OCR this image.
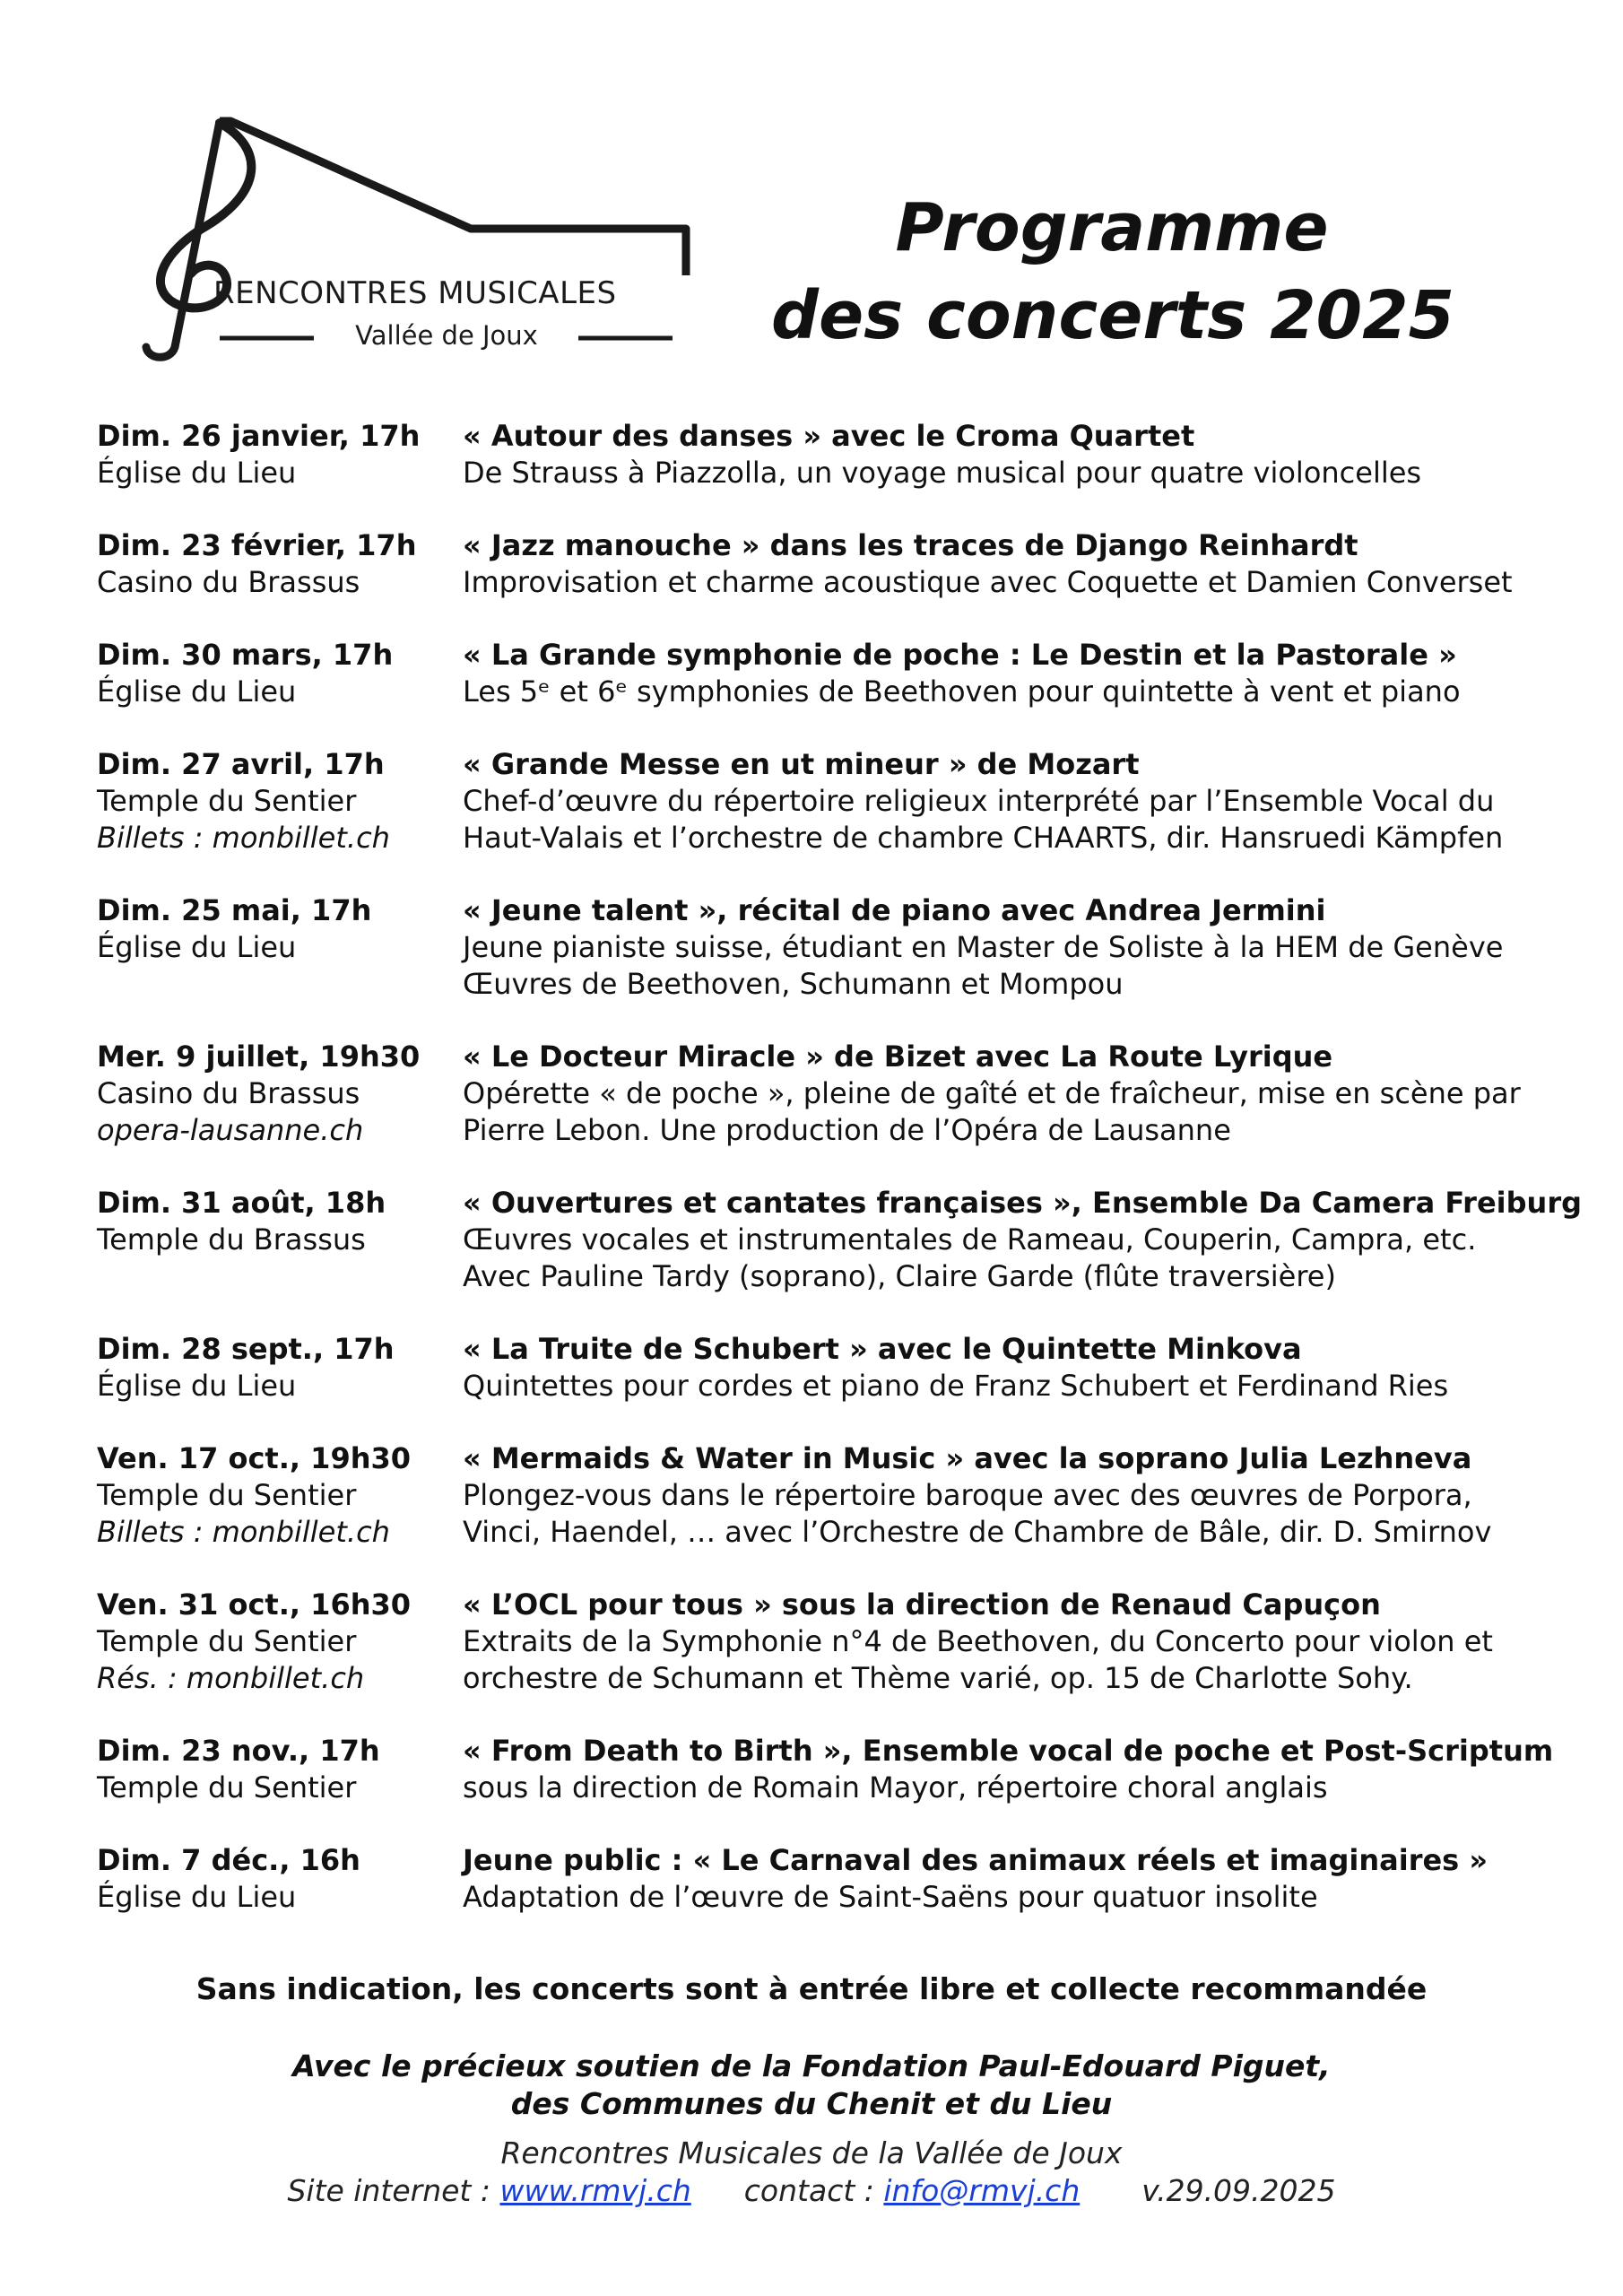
RENCONTRES MUSICALES
Vallée de Joux
Programme
des concerts 2025
Dim. 26 janvier, 17h
Église du Lieu
« Autour des danses » avec le Croma Quartet
De Strauss à Piazzolla, un voyage musical pour quatre violoncelles
Dim. 23 février, 17h
Casino du Brassus
« Jazz manouche » dans les traces de Django Reinhardt
Improvisation et charme acoustique avec Coquette et Damien Converset
Dim. 30 mars, 17h
Église du Lieu
« La Grande symphonie de poche : Le Destin et la Pastorale »
Les 5ᵉ et 6ᵉ symphonies de Beethoven pour quintette à vent et piano
Dim. 27 avril, 17h
Temple du Sentier
Billets : monbillet.ch
« Grande Messe en ut mineur » de Mozart
Chef-d’œuvre du répertoire religieux interprété par l’Ensemble Vocal du
Haut-Valais et l’orchestre de chambre CHAARTS, dir. Hansruedi Kämpfen
Dim. 25 mai, 17h
Église du Lieu
« Jeune talent », récital de piano avec Andrea Jermini
Jeune pianiste suisse, étudiant en Master de Soliste à la HEM de Genève
Œuvres de Beethoven, Schumann et Mompou
Mer. 9 juillet, 19h30
Casino du Brassus
opera-lausanne.ch
« Le Docteur Miracle » de Bizet avec La Route Lyrique
Opérette « de poche », pleine de gaîté et de fraîcheur, mise en scène par
Pierre Lebon. Une production de l’Opéra de Lausanne
Dim. 31 août, 18h
Temple du Brassus
« Ouvertures et cantates françaises », Ensemble Da Camera Freiburg
Œuvres vocales et instrumentales de Rameau, Couperin, Campra, etc.
Avec Pauline Tardy (soprano), Claire Garde (flûte traversière)
Dim. 28 sept., 17h
Église du Lieu
« La Truite de Schubert » avec le Quintette Minkova
Quintettes pour cordes et piano de Franz Schubert et Ferdinand Ries
Ven. 17 oct., 19h30
Temple du Sentier
Billets : monbillet.ch
« Mermaids & Water in Music » avec la soprano Julia Lezhneva
Plongez-vous dans le répertoire baroque avec des œuvres de Porpora,
Vinci, Haendel, … avec l’Orchestre de Chambre de Bâle, dir. D. Smirnov
Ven. 31 oct., 16h30
Temple du Sentier
Rés. : monbillet.ch
« L’OCL pour tous » sous la direction de Renaud Capuçon
Extraits de la Symphonie n°4 de Beethoven, du Concerto pour violon et
orchestre de Schumann et Thème varié, op. 15 de Charlotte Sohy.
Dim. 23 nov., 17h
Temple du Sentier
« From Death to Birth », Ensemble vocal de poche et Post-Scriptum
sous la direction de Romain Mayor, répertoire choral anglais
Dim. 7 déc., 16h
Église du Lieu
Jeune public : « Le Carnaval des animaux réels et imaginaires »
Adaptation de l’œuvre de Saint-Saëns pour quatuor insolite
Sans indication, les concerts sont à entrée libre et collecte recommandée
Avec le précieux soutien de la Fondation Paul-Edouard Piguet,
des Communes du Chenit et du Lieu
Rencontres Musicales de la Vallée de Joux
Site internet : www.rmvj.ch contact : info@rmvj.ch v.29.09.2025
